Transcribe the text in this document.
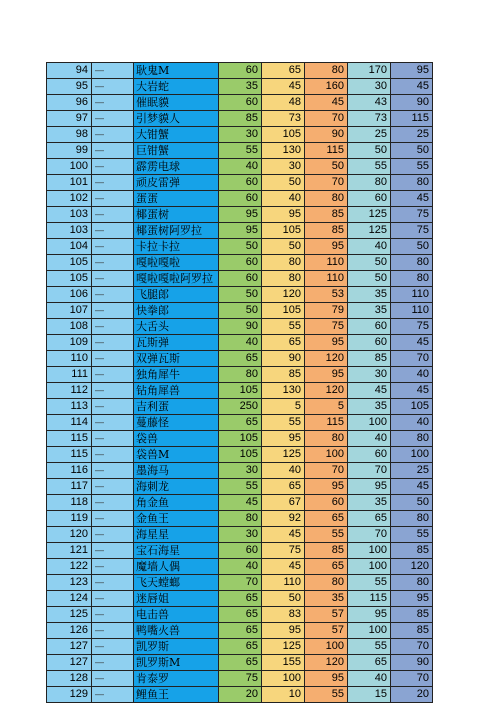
94	—	耿鬼M	60	65	80	170	95
95	—	大岩蛇	35	45	160	30	45
96	—	催眠貘	60	48	45	43	90
97	—	引梦貘人	85	73	70	73	115
98	—	大钳蟹	30	105	90	25	25
99	—	巨钳蟹	55	130	115	50	50
100	—	霹雳电球	40	30	50	55	55
101	—	顽皮雷弹	60	50	70	80	80
102	—	蛋蛋	60	40	80	60	45
103	—	椰蛋树	95	95	85	125	75
103	—	椰蛋树阿罗拉	95	105	85	125	75
104	—	卡拉卡拉	50	50	95	40	50
105	—	嘎啦嘎啦	60	80	110	50	80
105	—	嘎啦嘎啦阿罗拉	60	80	110	50	80
106	—	飞腿郎	50	120	53	35	110
107	—	快拳郎	50	105	79	35	110
108	—	大舌头	90	55	75	60	75
109	—	瓦斯弹	40	65	95	60	45
110	—	双弹瓦斯	65	90	120	85	70
111	—	独角犀牛	80	85	95	30	40
112	—	钻角犀兽	105	130	120	45	45
113	—	吉利蛋	250	5	5	35	105
114	—	蔓藤怪	65	55	115	100	40
115	—	袋兽	105	95	80	40	80
115	—	袋兽M	105	125	100	60	100
116	—	墨海马	30	40	70	70	25
117	—	海刺龙	55	65	95	95	45
118	—	角金鱼	45	67	60	35	50
119	—	金鱼王	80	92	65	65	80
120	—	海星星	30	45	55	70	55
121	—	宝石海星	60	75	85	100	85
122	—	魔墙人偶	40	45	65	100	120
123	—	飞天螳螂	70	110	80	55	80
124	—	迷唇姐	65	50	35	115	95
125	—	电击兽	65	83	57	95	85
126	—	鸭嘴火兽	65	95	57	100	85
127	—	凯罗斯	65	125	100	55	70
127	—	凯罗斯M	65	155	120	65	90
128	—	肯泰罗	75	100	95	40	70
129	—	鲤鱼王	20	10	55	15	20
